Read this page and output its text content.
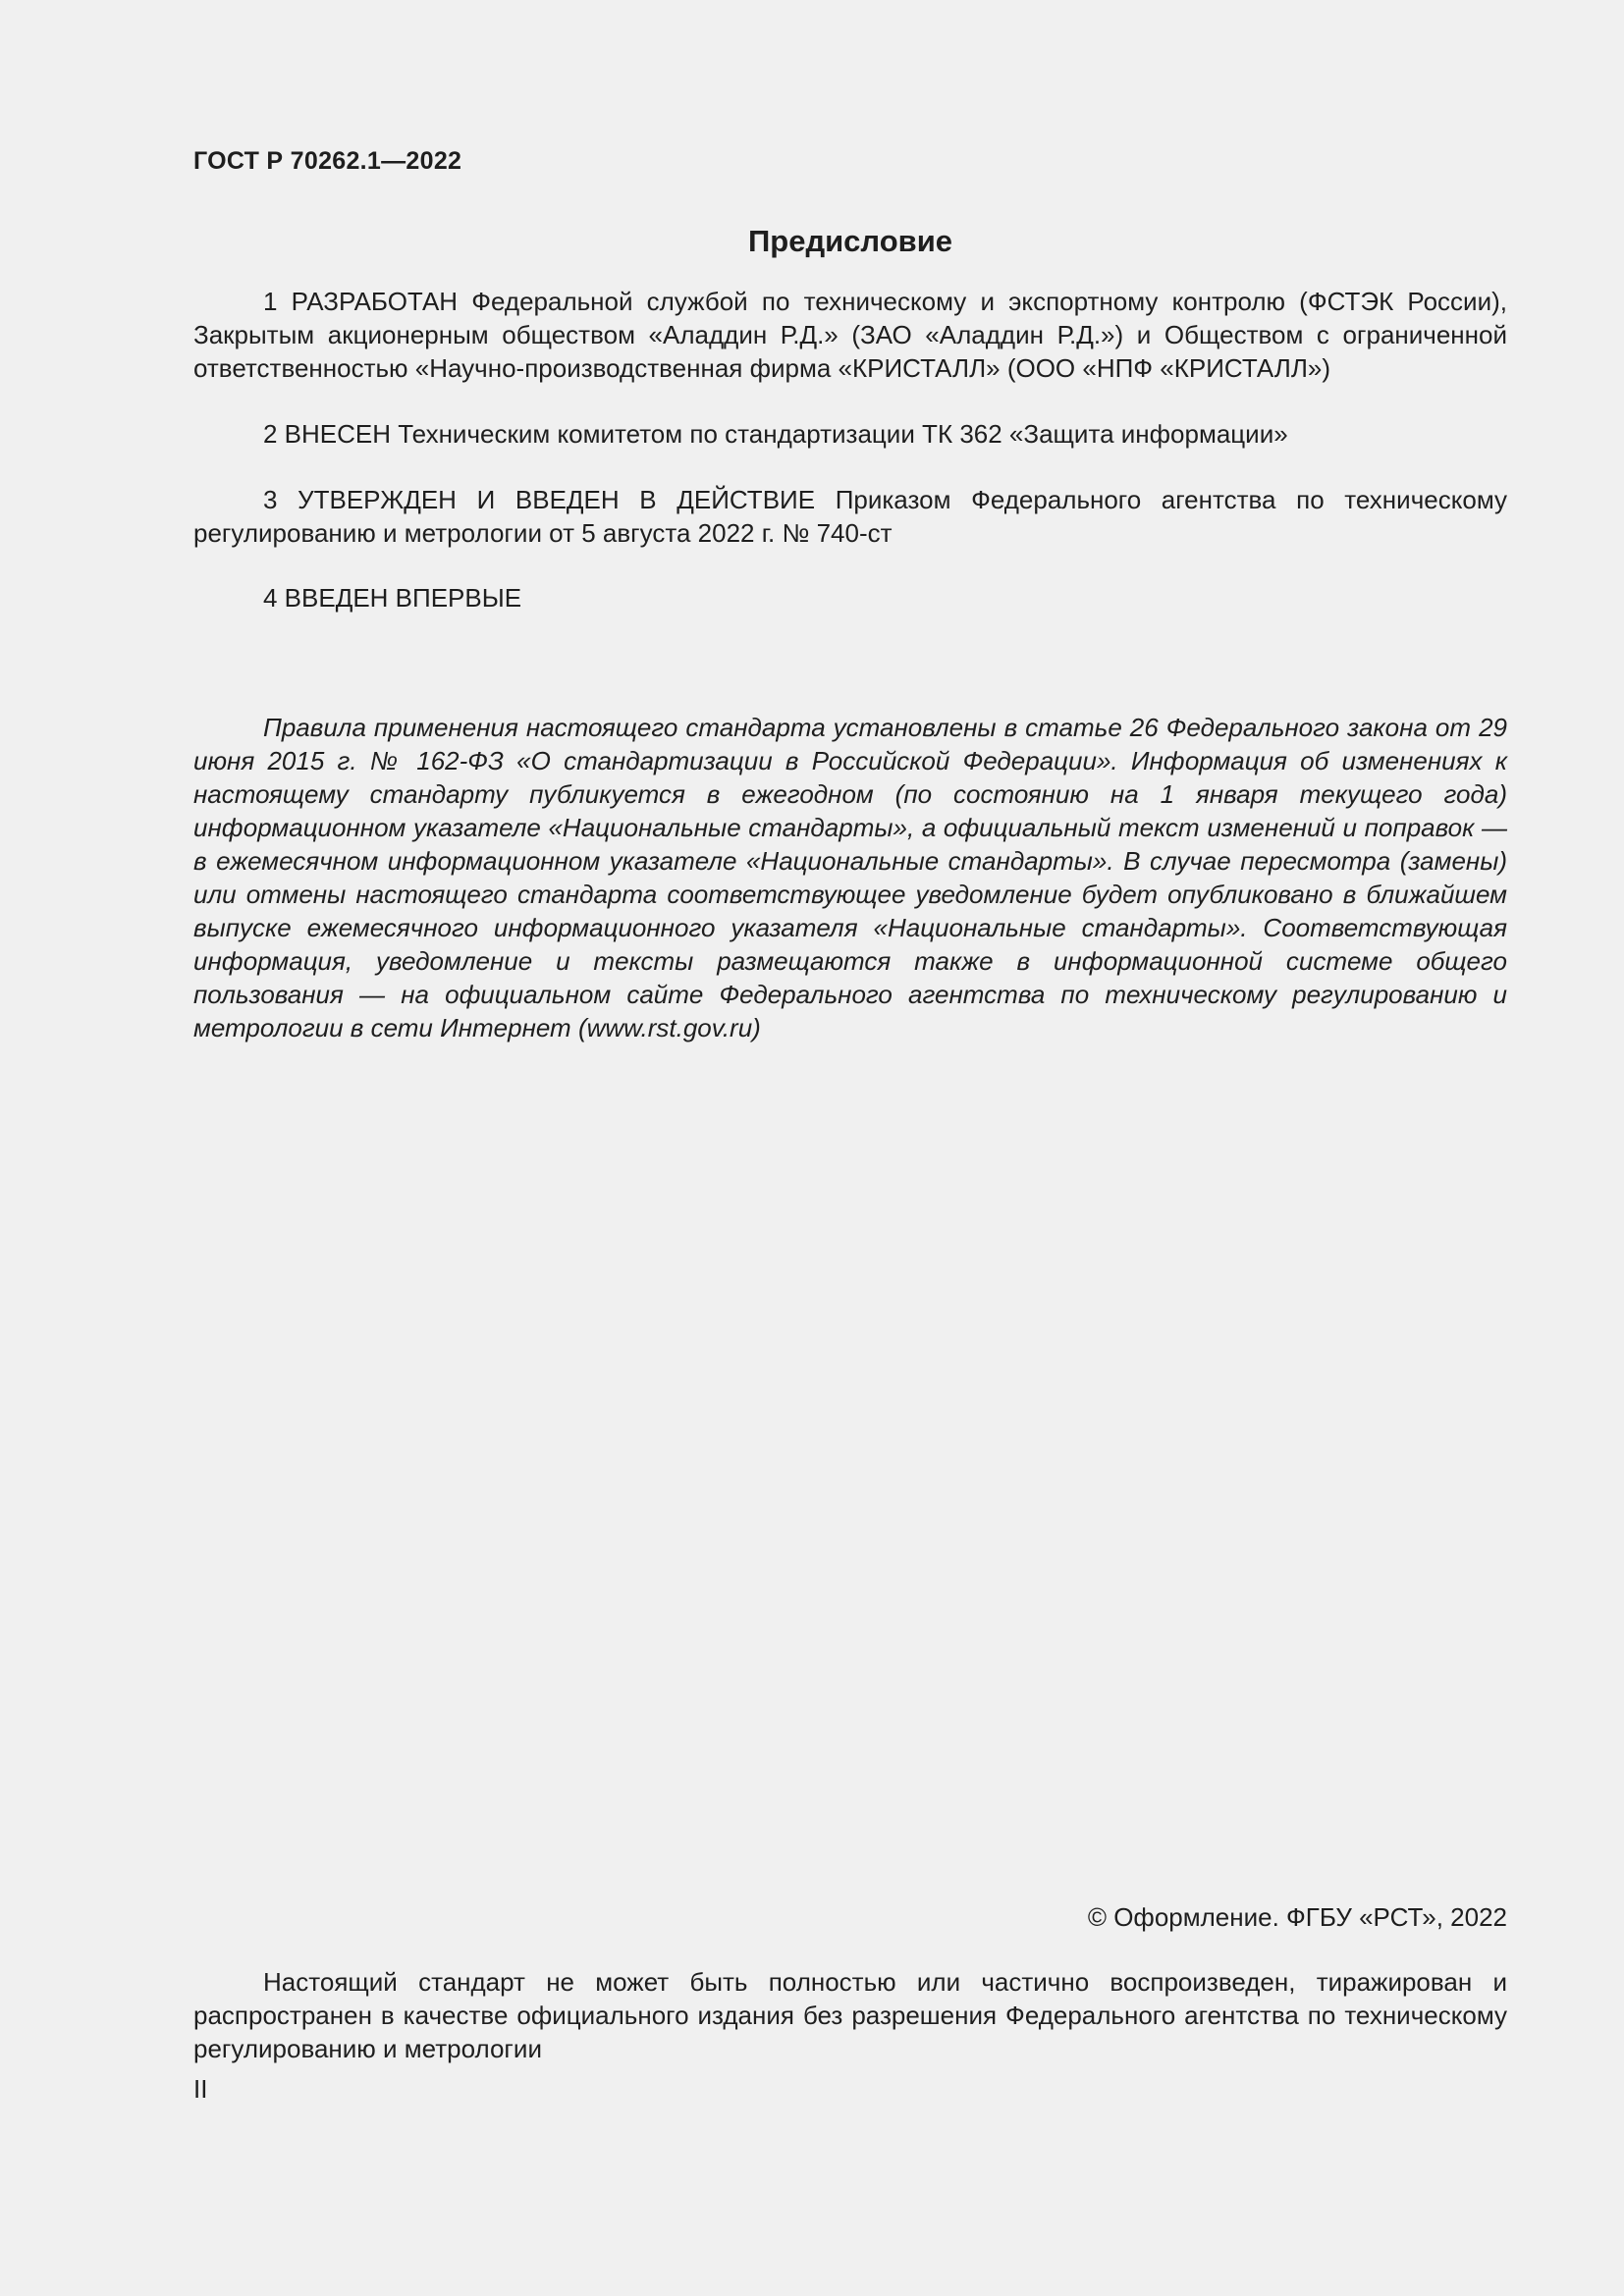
ГОСТ Р 70262.1—2022
Предисловие

1 РАЗРАБОТАН Федеральной службой по техническому и экспортному контролю (ФСТЭК России), Закрытым акционерным обществом «Аладдин Р.Д.» (ЗАО «Аладдин Р.Д.») и Обществом с ограниченной ответственностью «Научно-производственная фирма «КРИСТАЛЛ» (ООО «НПФ «КРИСТАЛЛ»)

2 ВНЕСЕН Техническим комитетом по стандартизации ТК 362 «Защита информации»

3 УТВЕРЖДЕН И ВВЕДЕН В ДЕЙСТВИЕ Приказом Федерального агентства по техническому регулированию и метрологии от 5 августа 2022 г. № 740-ст

4 ВВЕДЕН ВПЕРВЫЕ

Правила применения настоящего стандарта установлены в статье 26 Федерального закона от 29 июня 2015 г. № 162-ФЗ «О стандартизации в Российской Федерации». Информация об изменениях к настоящему стандарту публикуется в ежегодном (по состоянию на 1 января текущего года) информационном указателе «Национальные стандарты», а официальный текст изменений и поправок — в ежемесячном информационном указателе «Национальные стандарты». В случае пересмотра (замены) или отмены настоящего стандарта соответствующее уведомление будет опубликовано в ближайшем выпуске ежемесячного информационного указателя «Национальные стандарты». Соответствующая информация, уведомление и тексты размещаются также в информационной системе общего пользования — на официальном сайте Федерального агентства по техническому регулированию и метрологии в сети Интернет (www.rst.gov.ru)

© Оформление. ФГБУ «РСТ», 2022

Настоящий стандарт не может быть полностью или частично воспроизведен, тиражирован и распространен в качестве официального издания без разрешения Федерального агентства по техническому регулированию и метрологии

II
